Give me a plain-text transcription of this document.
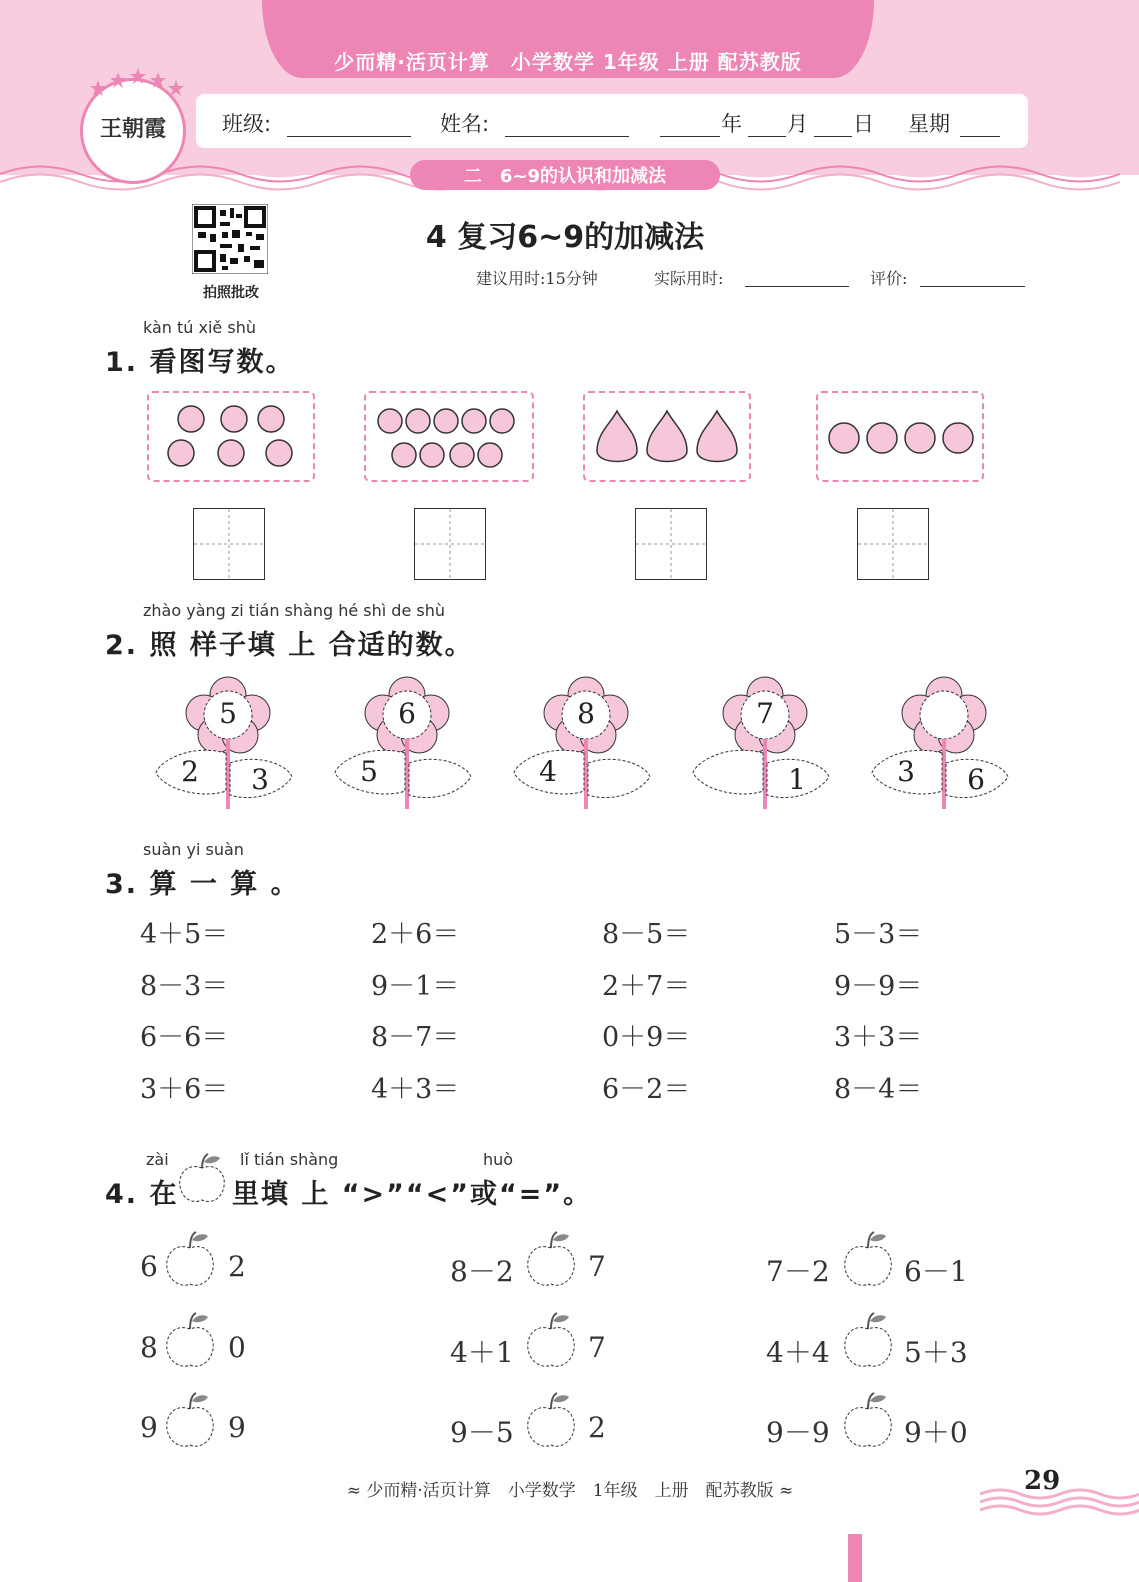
少而精·活页计算　小学数学 1年级 上册 配苏教版
王朝霞	班级:	姓名:	年 月 日 星期
二　6~9的认识和加减法
拍照批改
4 复习6~9的加减法
建议用时:15分钟	实际用时:	评价:
kàn tú xiě shù
1. 看图写数。
zhào yàng zi tián shàng hé shì de shù
2. 照 样子填 上 合适的数。
5
2	3
6
5
8
4
7
1	3	6
suàn yi suàn
3. 算 一 算 。
4＋5＝	2＋6＝	8－5＝	5－3＝
8－3＝	9－1＝	2＋7＝	9－9＝
6－6＝	8－7＝	0＋9＝	3＋3＝
3＋6＝	4＋3＝	6－2＝	8－4＝
zài	lǐ tián shàng	huò
4. 在 里填 上 “>”“<”或“=”。
6	2	8－2	7	7－2	6－1
8	0	4＋1	7	4＋4	5＋3
9	9	9－5	2	9－9	9＋0
≈ 少而精·活页计算　小学数学　1年级　上册　配苏教版 ≈	29
